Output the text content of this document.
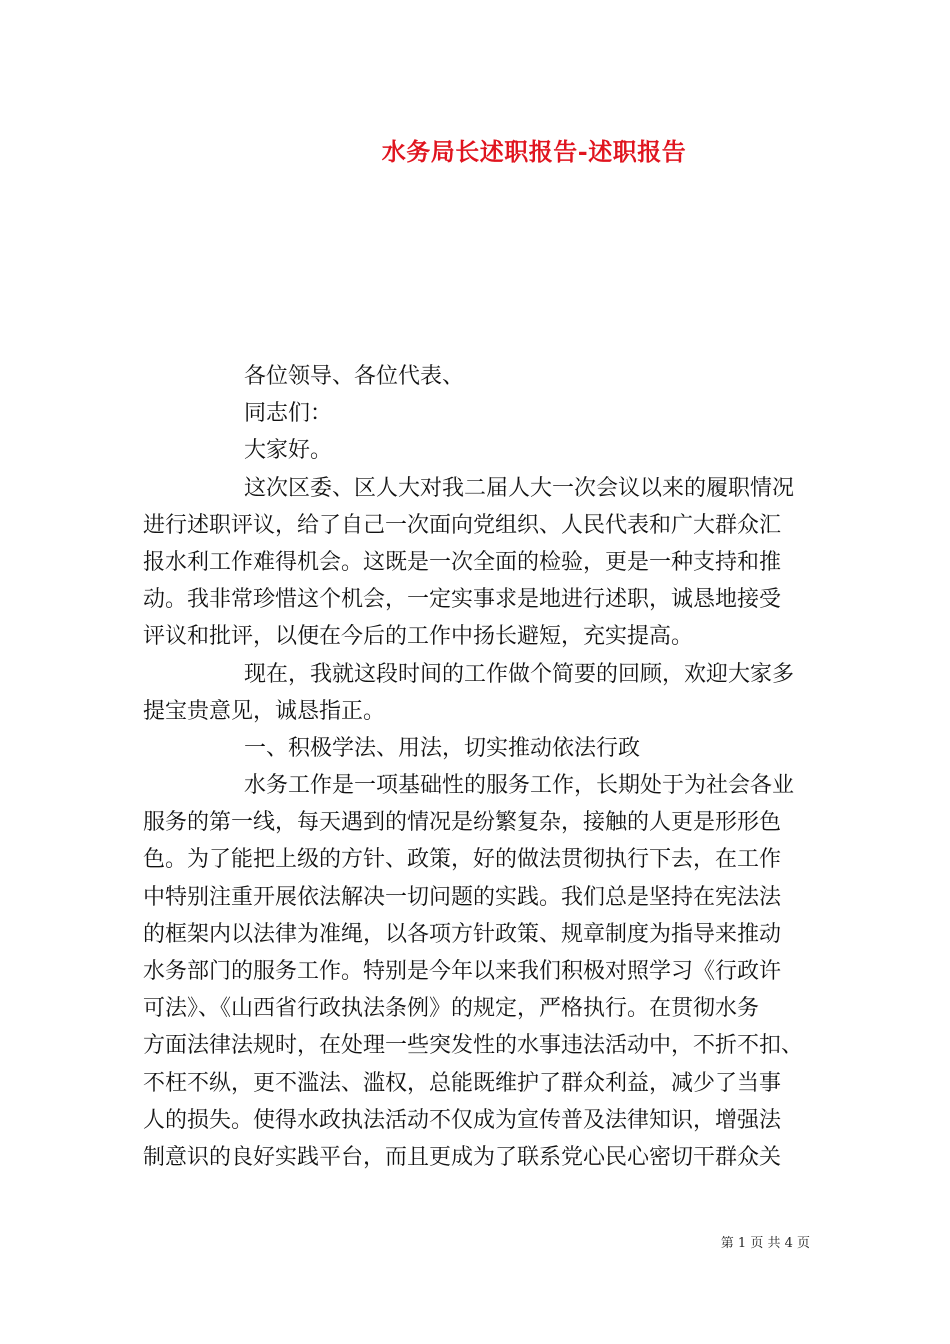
水务局长述职报告-述职报告
各位领导、各位代表、
同志们：
大家好。
这次区委、区人大对我二届人大一次会议以来的履职情况
进行述职评议，给了自己一次面向党组织、人民代表和广大群众汇
报水利工作难得机会。这既是一次全面的检验，更是一种支持和推
动。我非常珍惜这个机会，一定实事求是地进行述职，诚恳地接受
评议和批评，以便在今后的工作中扬长避短，充实提高。
现在，我就这段时间的工作做个简要的回顾，欢迎大家多
提宝贵意见，诚恳指正。
一、积极学法、用法，切实推动依法行政
水务工作是一项基础性的服务工作，长期处于为社会各业
服务的第一线，每天遇到的情况是纷繁复杂，接触的人更是形形色
色。为了能把上级的方针、政策，好的做法贯彻执行下去，在工作
中特别注重开展依法解决一切问题的实践。我们总是坚持在宪法法
的框架内以法律为准绳，以各项方针政策、规章制度为指导来推动
水务部门的服务工作。特别是今年以来我们积极对照学习《行政许
可法》、《山西省行政执法条例》的规定，严格执行。在贯彻水务
方面法律法规时，在处理一些突发性的水事违法活动中，不折不扣、
不枉不纵，更不滥法、滥权，总能既维护了群众利益，减少了当事
人的损失。使得水政执法活动不仅成为宣传普及法律知识，增强法
制意识的良好实践平台，而且更成为了联系党心民心密切干群众关
第 1 页 共 4 页
